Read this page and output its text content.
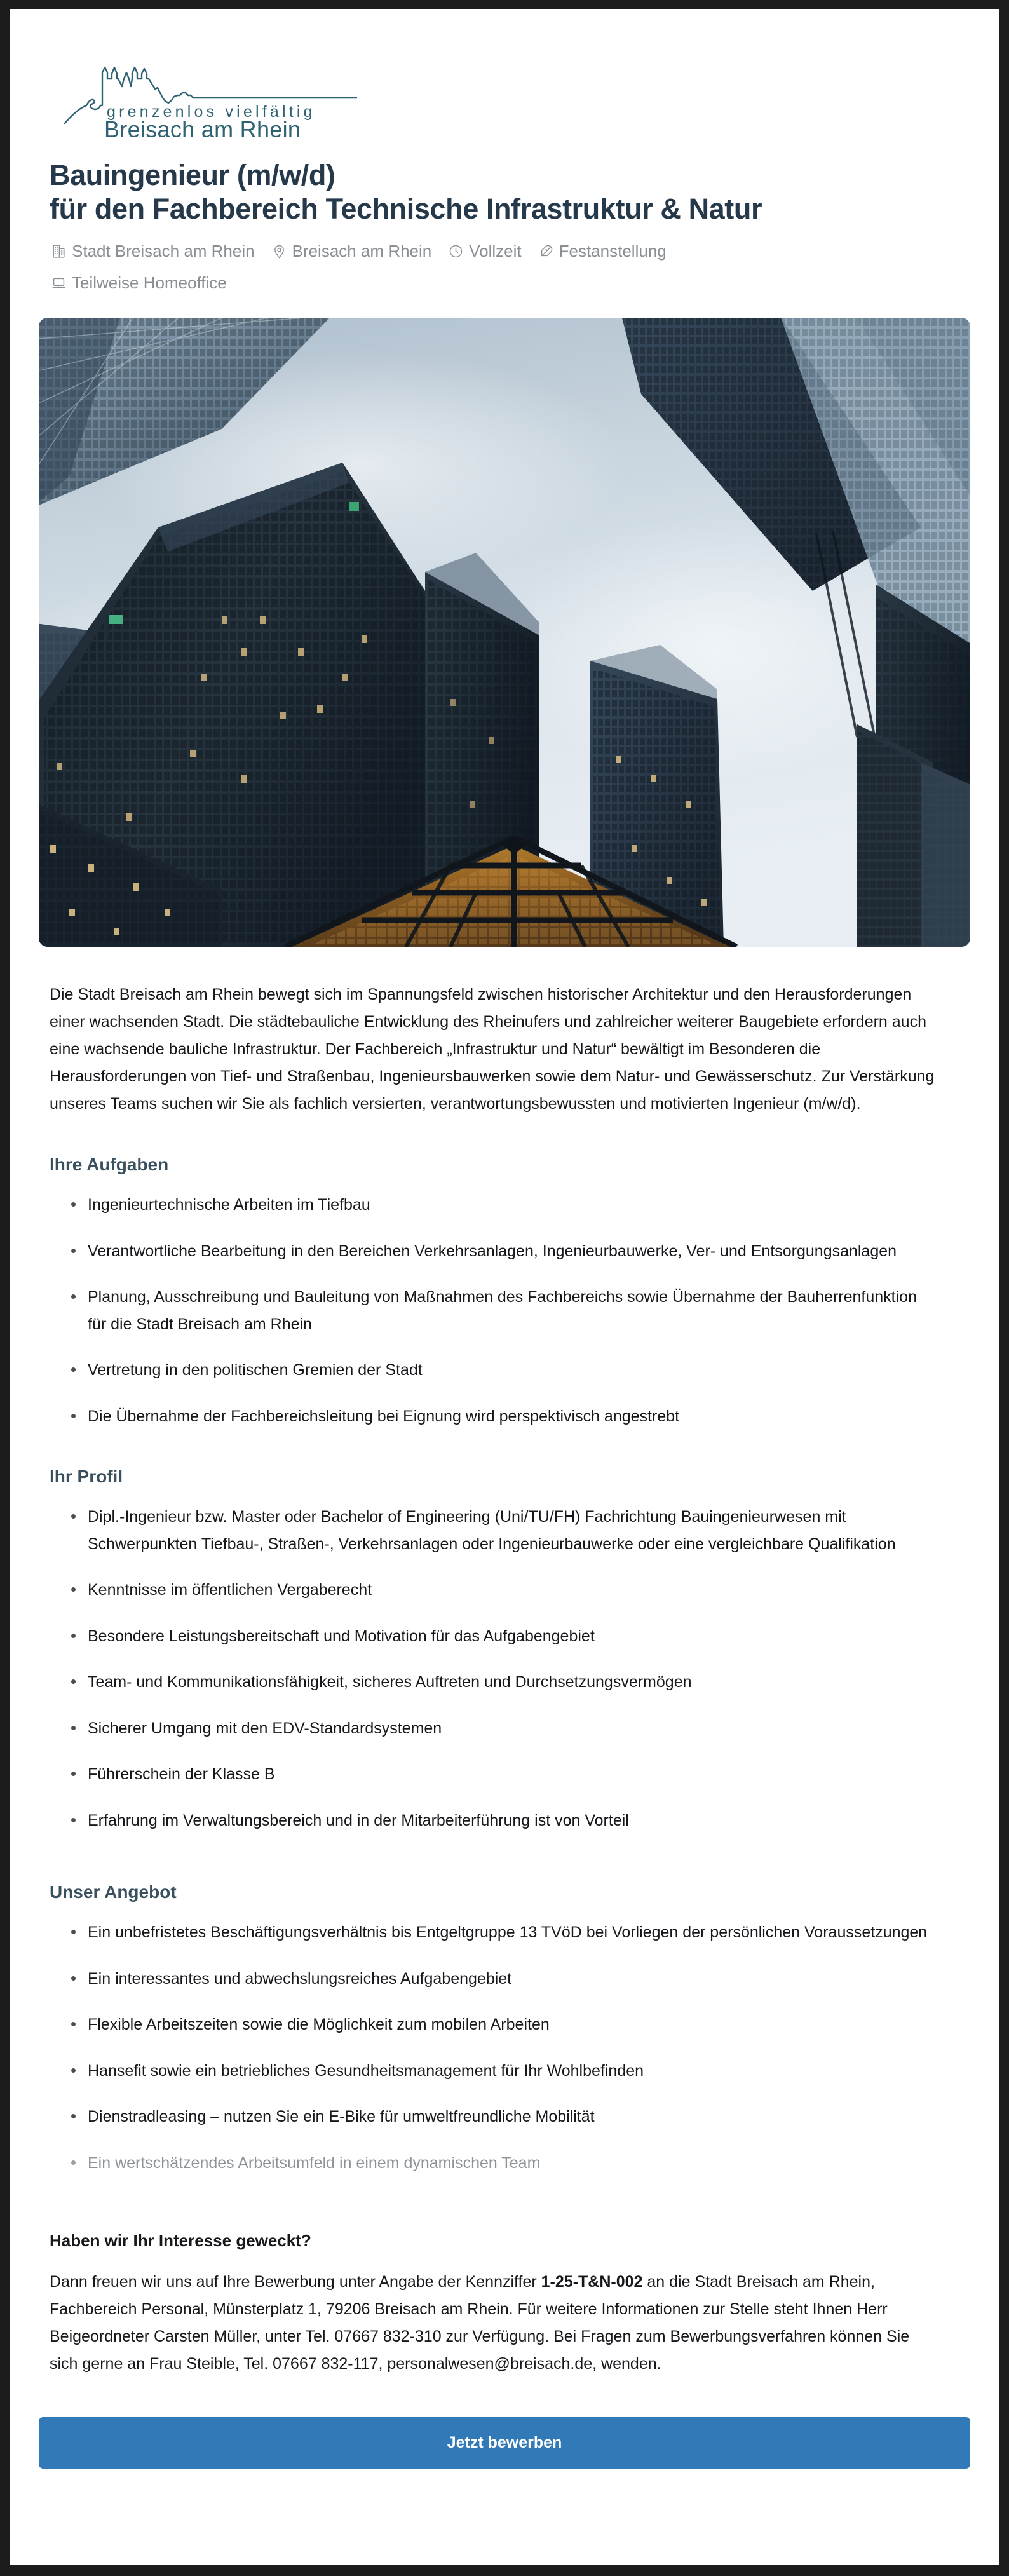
grenzenlos vielfältig
Breisach am Rhein
Bauingenieur (m/w/d)
für den Fachbereich Technische Infrastruktur & Natur
Stadt Breisach am Rhein Breisach am Rhein Vollzeit Festanstellung
Teilweise Homeoffice

Die Stadt Breisach am Rhein bewegt sich im Spannungsfeld zwischen historischer Architektur und den Herausforderungen einer wachsenden Stadt. Die städtebauliche Entwicklung des Rheinufers und zahlreicher weiterer Baugebiete erfordern auch eine wachsende bauliche Infrastruktur. Der Fachbereich „Infrastruktur und Natur“ bewältigt im Besonderen die Herausforderungen von Tief- und Straßenbau, Ingenieursbauwerken sowie dem Natur- und Gewässerschutz. Zur Verstärkung unseres Teams suchen wir Sie als fachlich versierten, verantwortungsbewussten und motivierten Ingenieur (m/w/d).

Ihre Aufgaben
Ingenieurtechnische Arbeiten im Tiefbau
Verantwortliche Bearbeitung in den Bereichen Verkehrsanlagen, Ingenieurbauwerke, Ver- und Entsorgungsanlagen
Planung, Ausschreibung und Bauleitung von Maßnahmen des Fachbereichs sowie Übernahme der Bauherrenfunktion für die Stadt Breisach am Rhein
Vertretung in den politischen Gremien der Stadt
Die Übernahme der Fachbereichsleitung bei Eignung wird perspektivisch angestrebt
Ihr Profil
Dipl.-Ingenieur bzw. Master oder Bachelor of Engineering (Uni/TU/FH) Fachrichtung Bauingenieurwesen mit Schwerpunkten Tiefbau-, Straßen-, Verkehrsanlagen oder Ingenieurbauwerke oder eine vergleichbare Qualifikation
Kenntnisse im öffentlichen Vergaberecht
Besondere Leistungsbereitschaft und Motivation für das Aufgabengebiet
Team- und Kommunikationsfähigkeit, sicheres Auftreten und Durchsetzungsvermögen
Sicherer Umgang mit den EDV-Standardsystemen
Führerschein der Klasse B
Erfahrung im Verwaltungsbereich und in der Mitarbeiterführung ist von Vorteil
Unser Angebot
Ein unbefristetes Beschäftigungsverhältnis bis Entgeltgruppe 13 TVöD bei Vorliegen der persönlichen Voraussetzungen
Ein interessantes und abwechslungsreiches Aufgabengebiet
Flexible Arbeitszeiten sowie die Möglichkeit zum mobilen Arbeiten
Hansefit sowie ein betriebliches Gesundheitsmanagement für Ihr Wohlbefinden
Dienstradleasing – nutzen Sie ein E-Bike für umweltfreundliche Mobilität
Ein wertschätzendes Arbeitsumfeld in einem dynamischen Team
Haben wir Ihr Interesse geweckt?

Dann freuen wir uns auf Ihre Bewerbung unter Angabe der Kennziffer 1-25-T&N-002 an die Stadt Breisach am Rhein, Fachbereich Personal, Münsterplatz 1, 79206 Breisach am Rhein. Für weitere Informationen zur Stelle steht Ihnen Herr Beigeordneter Carsten Müller, unter Tel. 07667 832-310 zur Verfügung. Bei Fragen zum Bewerbungsverfahren können Sie sich gerne an Frau Steible, Tel. 07667 832-117, personalwesen@breisach.de, wenden.

Jetzt bewerben
